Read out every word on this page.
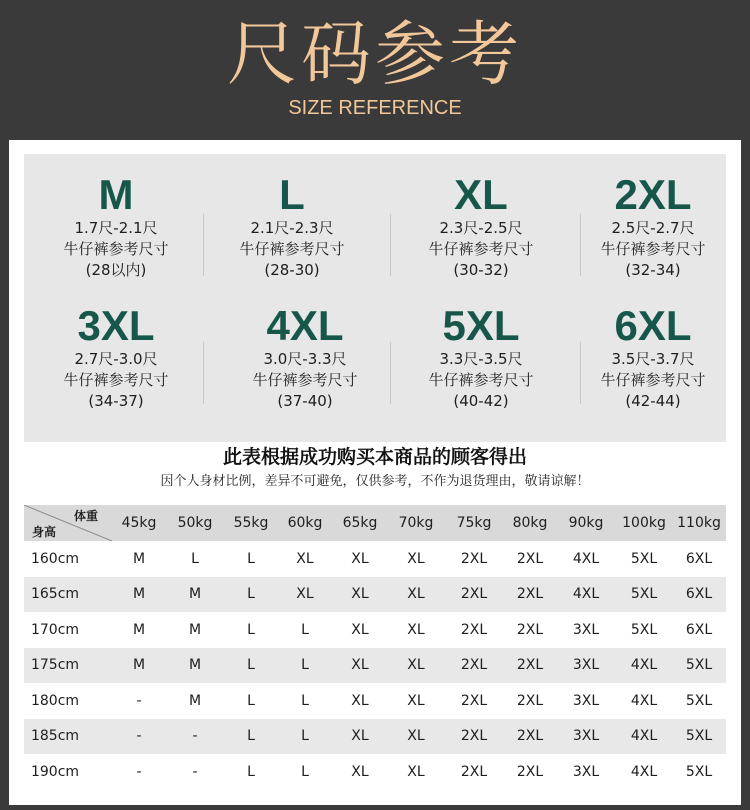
尺码参考
SIZE REFERENCE
M
1.7尺-2.1尺
牛仔裤参考尺寸
(28以内)
L
2.1尺-2.3尺
牛仔裤参考尺寸
(28-30)
XL
2.3尺-2.5尺
牛仔裤参考尺寸
(30-32)
2XL
2.5尺-2.7尺
牛仔裤参考尺寸
(32-34)
3XL
2.7尺-3.0尺
牛仔裤参考尺寸
(34-37)
4XL
3.0尺-3.3尺
牛仔裤参考尺寸
(37-40)
5XL
3.3尺-3.5尺
牛仔裤参考尺寸
(40-42)
6XL
3.5尺-3.7尺
牛仔裤参考尺寸
(42-44)
此表根据成功购买本商品的顾客得出
因个人身材比例，差异不可避免，仅供参考，不作为退货理由，敬请谅解！
体重
身高
45kg	50kg	55kg	60kg	65kg	70kg	75kg	80kg	90kg	100kg 110kg
160cm	M	L	L	XL	XL	XL	2XL	2XL	4XL	5XL	6XL
165cm	M	M	L	XL	XL	XL	2XL	2XL	4XL	5XL	6XL
170cm	M	M	L	L	XL	XL	2XL	2XL	3XL	5XL	6XL
175cm	M	M	L	L	XL	XL	2XL	2XL	3XL	4XL	5XL
180cm	-	M	L	L	XL	XL	2XL	2XL	3XL	4XL	5XL
185cm	-	-	L	L	XL	XL	2XL	2XL	3XL	4XL	5XL
190cm	-	-	L	L	XL	XL	2XL	2XL	3XL	4XL	5XL
